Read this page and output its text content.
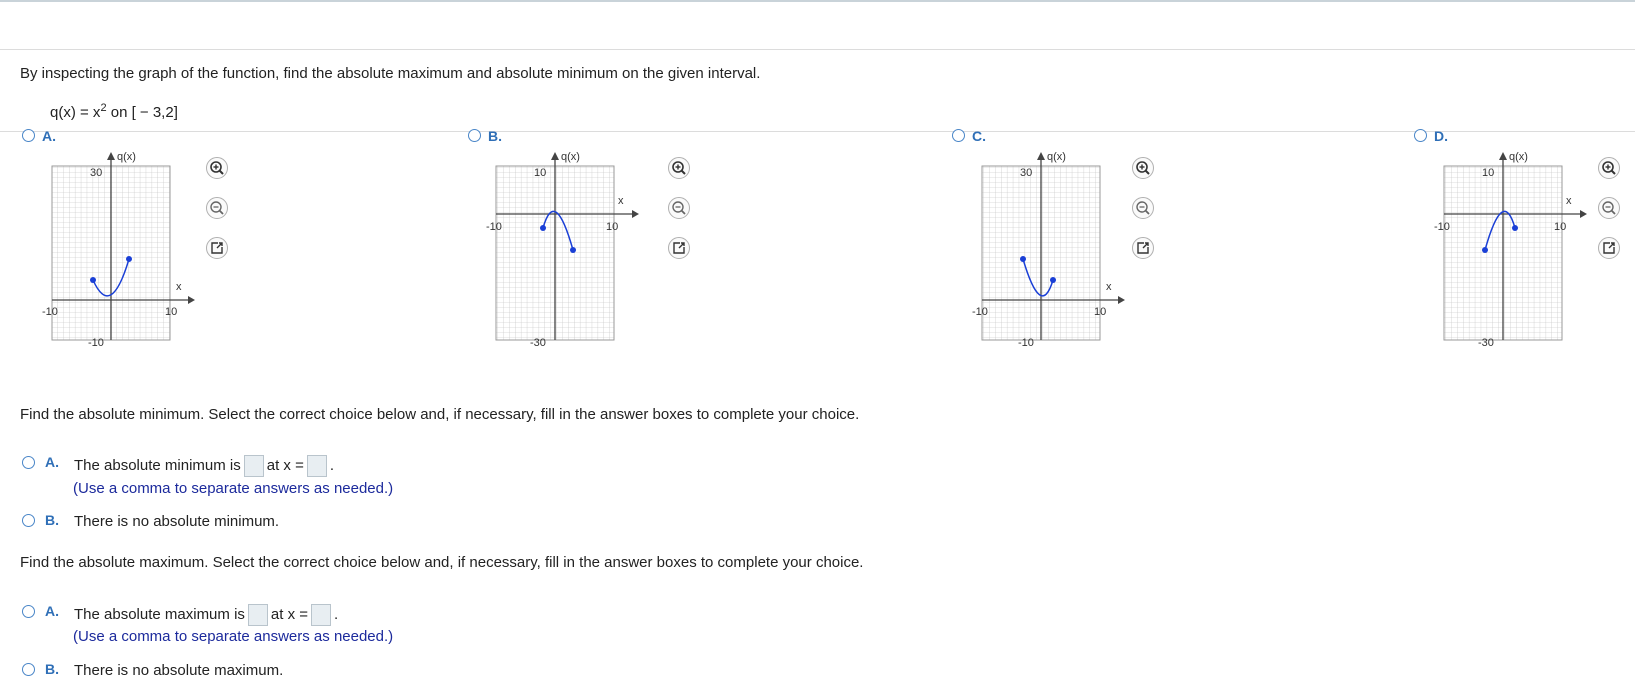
By inspecting the graph of the function, find the absolute maximum and absolute minimum on the given interval.
$q(x) = x^2$ on [ − 3,2]
A.
q(x)
x
30
-10
-10	10
B.
q(x)
x
10
-30
-10	10
C.
q(x)
x
30
-10
-10	10
D.
q(x)
x
10
-30
-10	10
Find the absolute minimum. Select the correct choice below and, if necessary, fill in the answer boxes to complete your choice.
A. The absolute minimum is at x = .
(Use a comma to separate answers as needed.)
B. There is no absolute minimum.
Find the absolute maximum. Select the correct choice below and, if necessary, fill in the answer boxes to complete your choice.
A. The absolute maximum is at x = .
(Use a comma to separate answers as needed.)
B. There is no absolute maximum.
